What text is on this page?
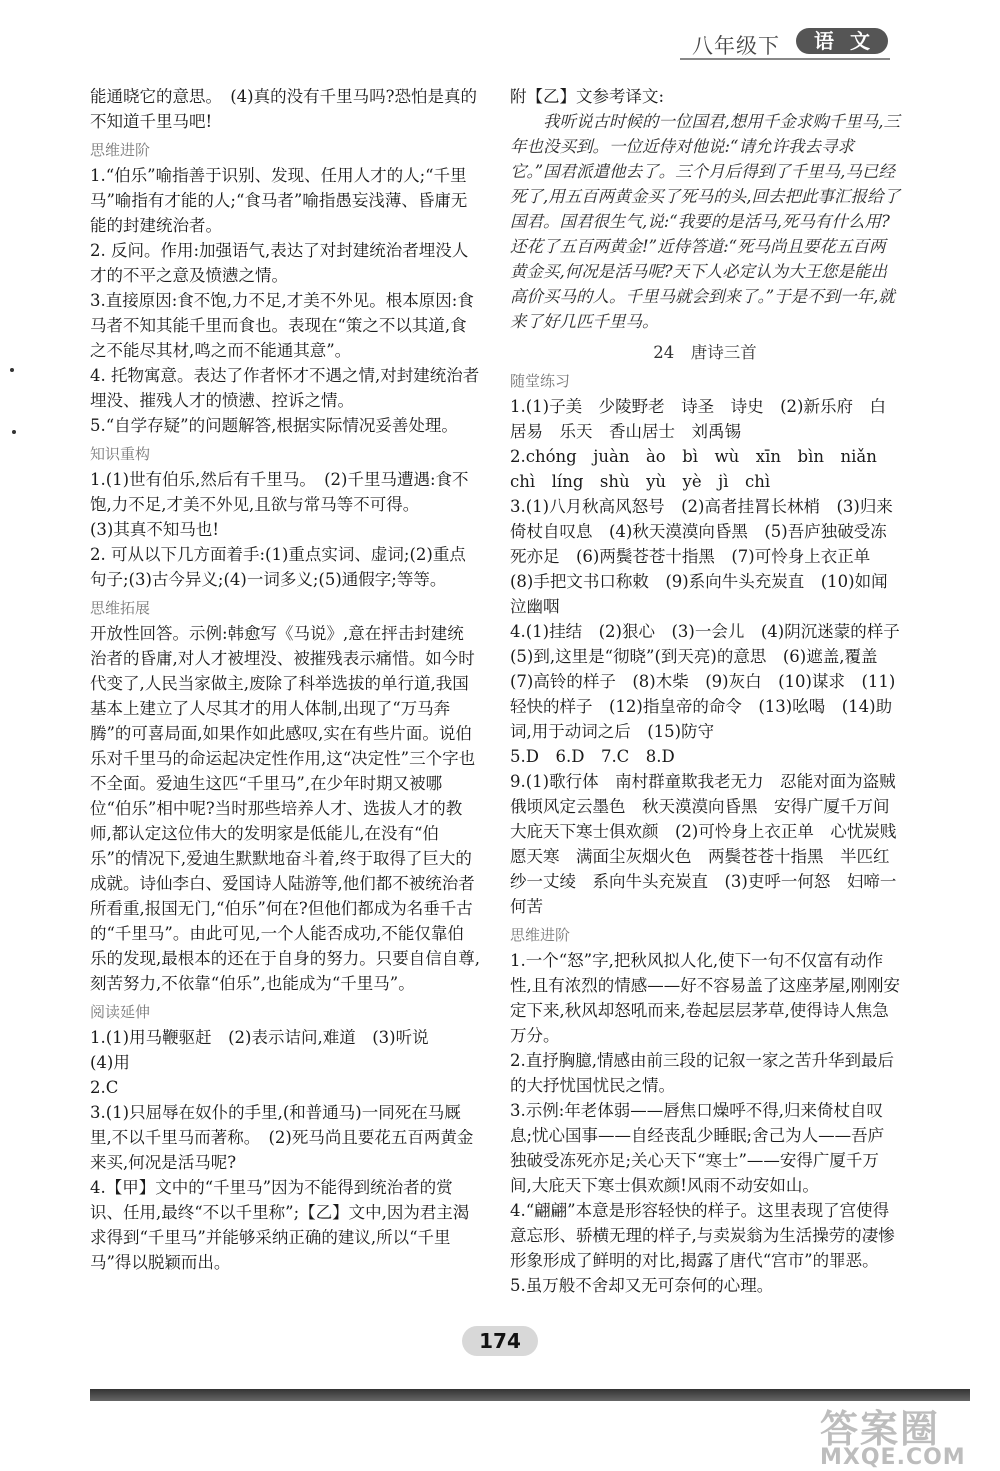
八年级下	语文

能通晓它的意思。　(4)真的没有千里马吗?恐怕是真的不知道千里马吧!

思维进阶

1.“伯乐”喻指善于识别、发现、任用人才的人;“千里马”喻指有才能的人;“食马者”喻指愚妄浅薄、昏庸无能的封建统治者。

2. 反问。作用:加强语气,表达了对封建统治者埋没人才的不平之意及愤懑之情。

3.直接原因:食不饱,力不足,才美不外见。根本原因:食马者不知其能千里而食也。表现在“策之不以其道,食之不能尽其材,鸣之而不能通其意”。

4. 托物寓意。表达了作者怀才不遇之情,对封建统治者埋没、摧残人才的愤懑、控诉之情。

5.“自学存疑”的问题解答,根据实际情况妥善处理。

知识重构

1.(1)世有伯乐,然后有千里马。　(2)千里马遭遇:食不饱,力不足,才美不外见,且欲与常马等不可得。

(3)其真不知马也!

2. 可从以下几方面着手:(1)重点实词、虚词;(2)重点句子;(3)古今异义;(4)一词多义;(5)通假字;等等。

思维拓展

开放性回答。示例:韩愈写《马说》,意在抨击封建统治者的昏庸,对人才被埋没、被摧残表示痛惜。如今时代变了,人民当家做主,废除了科举选拔的单行道,我国基本上建立了人尽其才的用人体制,出现了“万马奔腾”的可喜局面,如果作如此感叹,实在有些片面。说伯乐对千里马的命运起决定性作用,这“决定性”三个字也不全面。爱迪生这匹“千里马”,在少年时期又被哪位“伯乐”相中呢?当时那些培养人才、选拔人才的教师,都认定这位伟大的发明家是低能儿,在没有“伯乐”的情况下,爱迪生默默地奋斗着,终于取得了巨大的成就。诗仙李白、爱国诗人陆游等,他们都不被统治者所看重,报国无门,“伯乐”何在?但他们都成为名垂千古的“千里马”。由此可见,一个人能否成功,不能仅靠伯乐的发现,最根本的还在于自身的努力。只要自信自尊,刻苦努力,不依靠“伯乐”,也能成为“千里马”。

阅读延伸

1.(1)用马鞭驱赶　(2)表示诘问,难道　(3)听说

(4)用

2.C

3.(1)只屈辱在奴仆的手里,(和普通马)一同死在马厩里,不以千里马而著称。　(2)死马尚且要花五百两黄金来买,何况是活马呢?

4.【甲】文中的“千里马”因为不能得到统治者的赏识、任用,最终“不以千里称”;【乙】文中,因为君主渴求得到“千里马”并能够采纳正确的建议,所以“千里马”得以脱颖而出。

附【乙】文参考译文:

我听说古时候的一位国君,想用千金求购千里马,三年也没买到。一位近侍对他说:“请允许我去寻求它。”国君派遣他去了。三个月后得到了千里马,马已经死了,用五百两黄金买了死马的头,回去把此事汇报给了国君。国君很生气,说:“我要的是活马,死马有什么用?还花了五百两黄金!”近侍答道:“死马尚且要花五百两黄金买,何况是活马呢?天下人必定认为大王您是能出高价买马的人。千里马就会到来了。”于是不到一年,就来了好几匹千里马。

24　唐诗三首

随堂练习

1.(1)子美　少陵野老　诗圣　诗史　(2)新乐府　白居易　乐天　香山居士　刘禹锡

2.chóng　juàn　ào　bì　wù　xīn　bìn　niǎn　chì　líng　shù　yù　yè　jì　chì

3.(1)八月秋高风怒号　(2)高者挂罥长林梢　(3)归来倚杖自叹息　(4)秋天漠漠向昏黑　(5)吾庐独破受冻死亦足　(6)两鬓苍苍十指黑　(7)可怜身上衣正单　(8)手把文书口称敕　(9)系向牛头充炭直　(10)如闻泣幽咽

4.(1)挂结　(2)狠心　(3)一会儿　(4)阴沉迷蒙的样子　(5)到,这里是“彻晓”(到天亮)的意思　(6)遮盖,覆盖　(7)高铃的样子　(8)木柴　(9)灰白　(10)谋求　(11)轻快的样子　(12)指皇帝的命令　(13)吆喝　(14)助词,用于动词之后　(15)防守

5.D　6.D　7.C　8.D

9.(1)歌行体　南村群童欺我老无力　忍能对面为盗贼　俄顷风定云墨色　秋天漠漠向昏黑　安得广厦千万间　大庇天下寒士俱欢颜　(2)可怜身上衣正单　心忧炭贱愿天寒　满面尘灰烟火色　两鬓苍苍十指黑　半匹红纱一丈绫　系向牛头充炭直　(3)吏呼一何怒　妇啼一何苦

思维进阶

1.一个“怒”字,把秋风拟人化,使下一句不仅富有动作性,且有浓烈的情感——好不容易盖了这座茅屋,刚刚安定下来,秋风却怒吼而来,卷起层层茅草,使得诗人焦急万分。

2.直抒胸臆,情感由前三段的记叙一家之苦升华到最后的大抒忧国忧民之情。

3.示例:年老体弱——唇焦口燥呼不得,归来倚杖自叹息;忧心国事——自经丧乱少睡眠;舍己为人——吾庐独破受冻死亦足;关心天下“寒士”——安得广厦千万间,大庇天下寒士俱欢颜!风雨不动安如山。

4.“翩翩”本意是形容轻快的样子。这里表现了宫使得意忘形、骄横无理的样子,与卖炭翁为生活操劳的凄惨形象形成了鲜明的对比,揭露了唐代“宫市”的罪恶。

5.虽万般不舍却又无可奈何的心理。

174
答案圈
MXQE.COM
